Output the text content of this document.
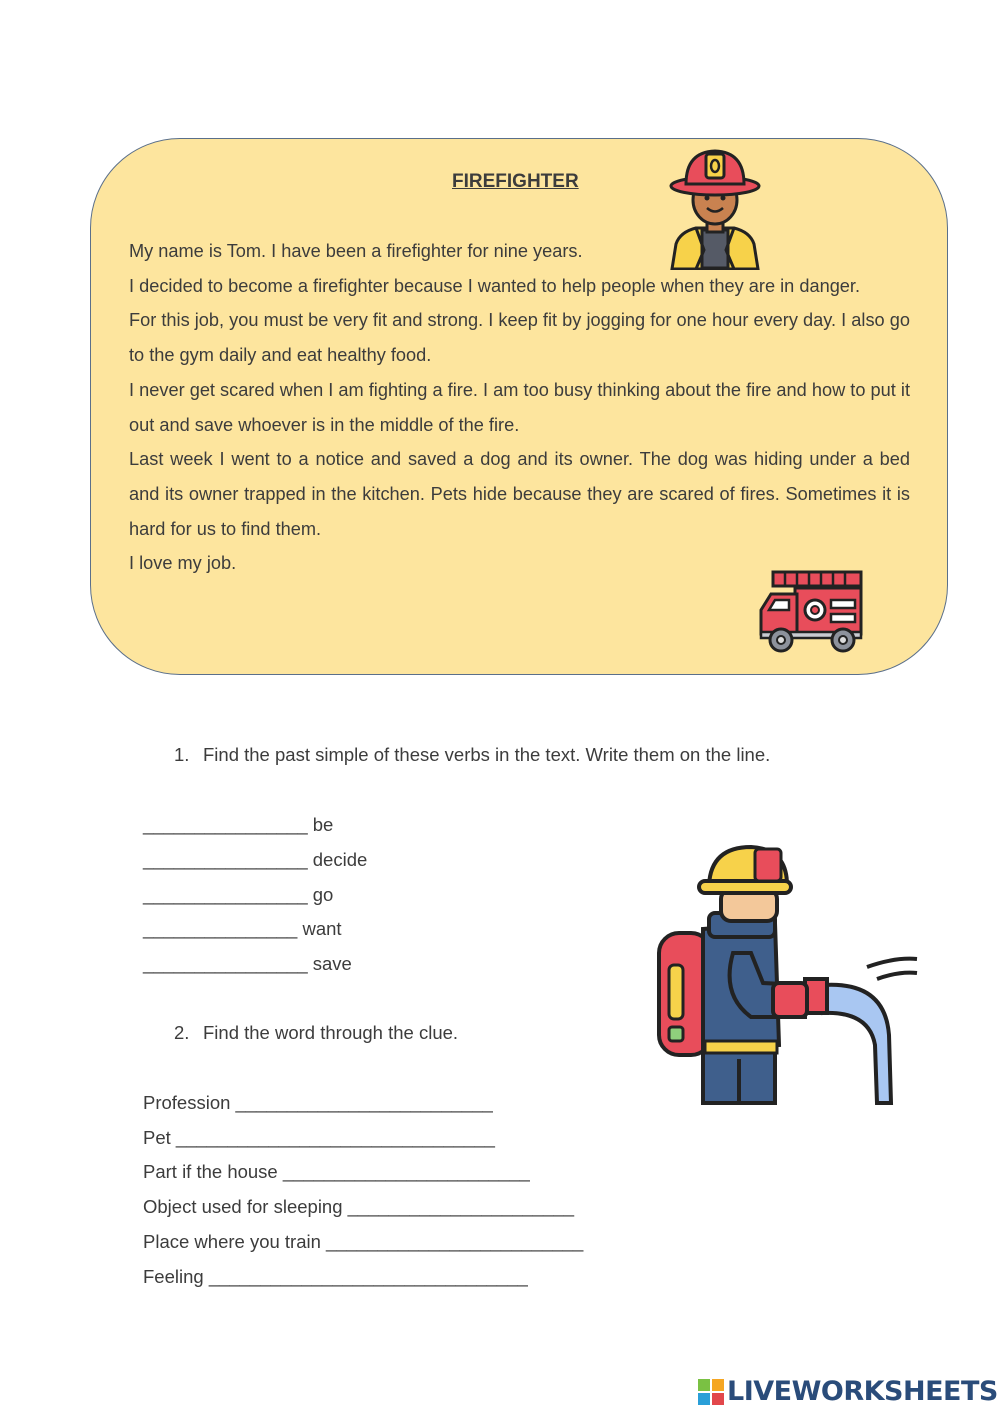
FIREFIGHTER

My name is Tom. I have been a firefighter for nine years.

I decided to become a firefighter because I wanted to help people when they are in danger.

For this job, you must be very fit and strong. I keep fit by jogging for one hour every day. I also go to the gym daily and eat healthy food.

I never get scared when I am fighting a fire. I am too busy thinking about the fire and how to put it out and save whoever is in the middle of the fire.

Last week I went to a notice and saved a dog and its owner. The dog was hiding under a bed and its owner trapped in the kitchen. Pets hide because they are scared of fires. Sometimes it is hard for us to find them.

I love my job.

1. Find the past simple of these verbs in the text. Write them on the line.
________________ be
________________ decide
________________ go
_______________ want
________________ save
2. Find the word through the clue.
Profession _________________________
Pet _______________________________
Part if the house ________________________
Object used for sleeping ______________________
Place where you train _________________________
Feeling _______________________________
LIVEWORKSHEETS
